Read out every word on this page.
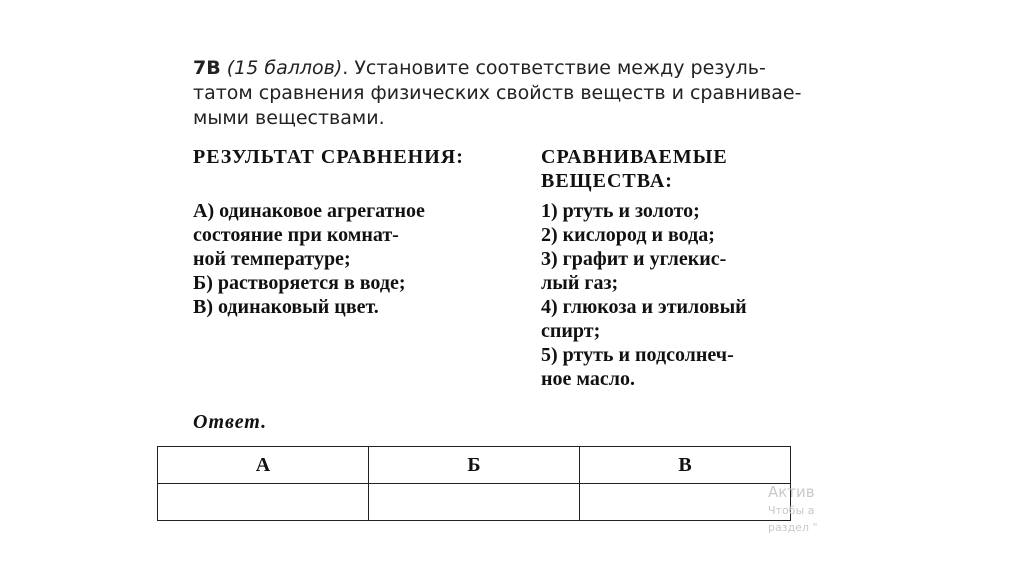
7В (15 баллов). Установите соответствие между резуль-
татом сравнения физических свойств веществ и сравнивае-
мыми веществами.
РЕЗУЛЬТАТ СРАВНЕНИЯ:
А) одинаковое агрегатное
состояние при комнат-
ной температуре;
Б) растворяется в воде;
В) одинаковый цвет.
СРАВНИВАЕМЫЕ
ВЕЩЕСТВА:
1) ртуть и золото;
2) кислород и вода;
3) графит и углекис-
лый газ;
4) глюкоза и этиловый
спирт;
5) ртуть и подсолнеч-
ное масло.
Ответ.
А	Б	В

Актив
Чтобы а
раздел "
